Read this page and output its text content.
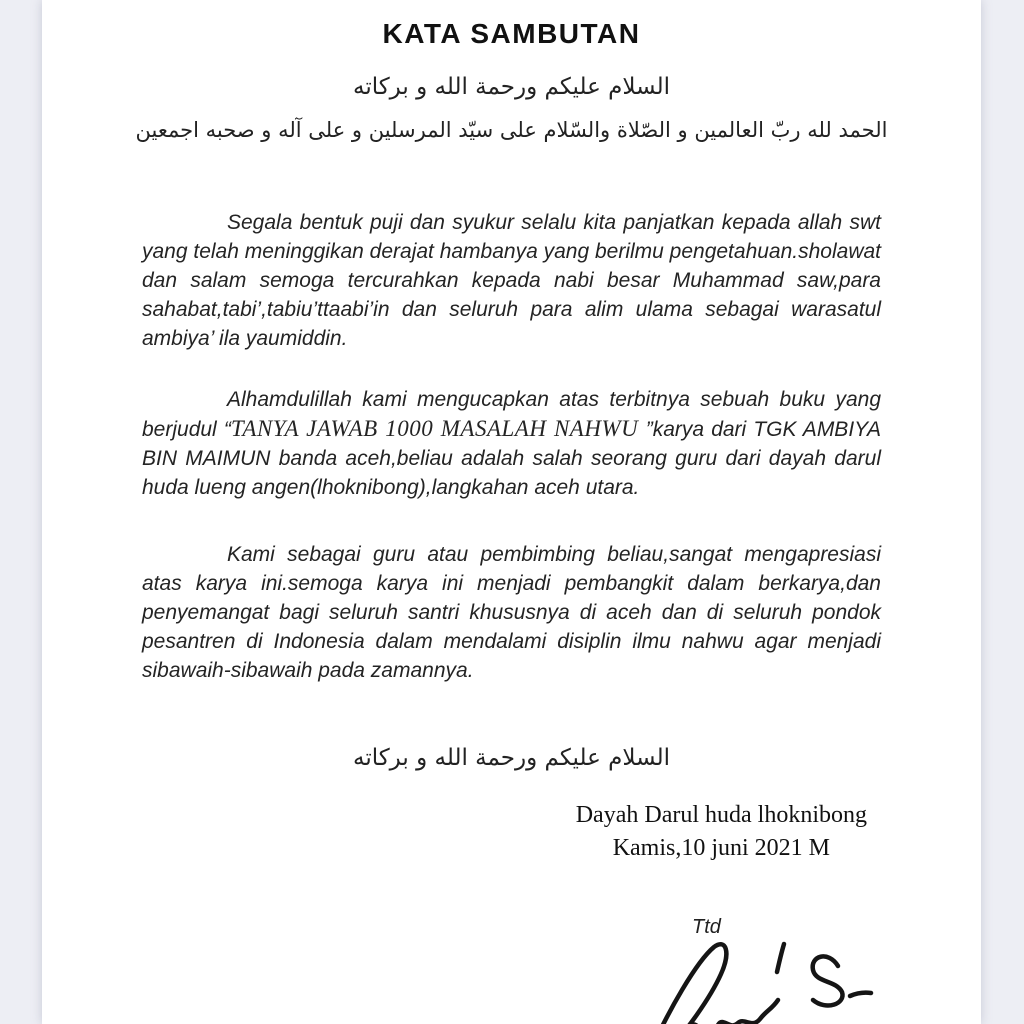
KATA SAMBUTAN
السلام عليكم ورحمة الله و بركاته
الحمد لله ربّ العالمين و الصّلاة والسّلام على سيّد المرسلين و على آله و صحبه اجمعين

Segala bentuk puji dan syukur selalu kita panjatkan kepada allah swt yang telah meninggikan derajat hambanya yang berilmu pengetahuan.sholawat dan salam semoga tercurahkan kepada nabi besar Muhammad saw,para sahabat,tabi’,tabiu’ttaabi’in dan seluruh para alim ulama sebagai warasatul ambiya’ ila yaumiddin.

Alhamdulillah kami mengucapkan atas terbitnya sebuah buku yang berjudul “TANYA JAWAB 1000 MASALAH NAHWU ”karya dari TGK AMBIYA BIN MAIMUN banda aceh,beliau adalah salah seorang guru dari dayah darul huda lueng angen(lhoknibong),langkahan aceh utara.

Kami sebagai guru atau pembimbing beliau,sangat mengapresiasi atas karya ini.semoga karya ini menjadi pembangkit dalam berkarya,dan penyemangat bagi seluruh santri khususnya di aceh dan di seluruh pondok pesantren di Indonesia dalam mendalami disiplin ilmu nahwu agar menjadi sibawaih-sibawaih pada zamannya.

السلام عليكم ورحمة الله و بركاته
Dayah Darul huda lhoknibong
Kamis,10 juni 2021 M
Ttd
